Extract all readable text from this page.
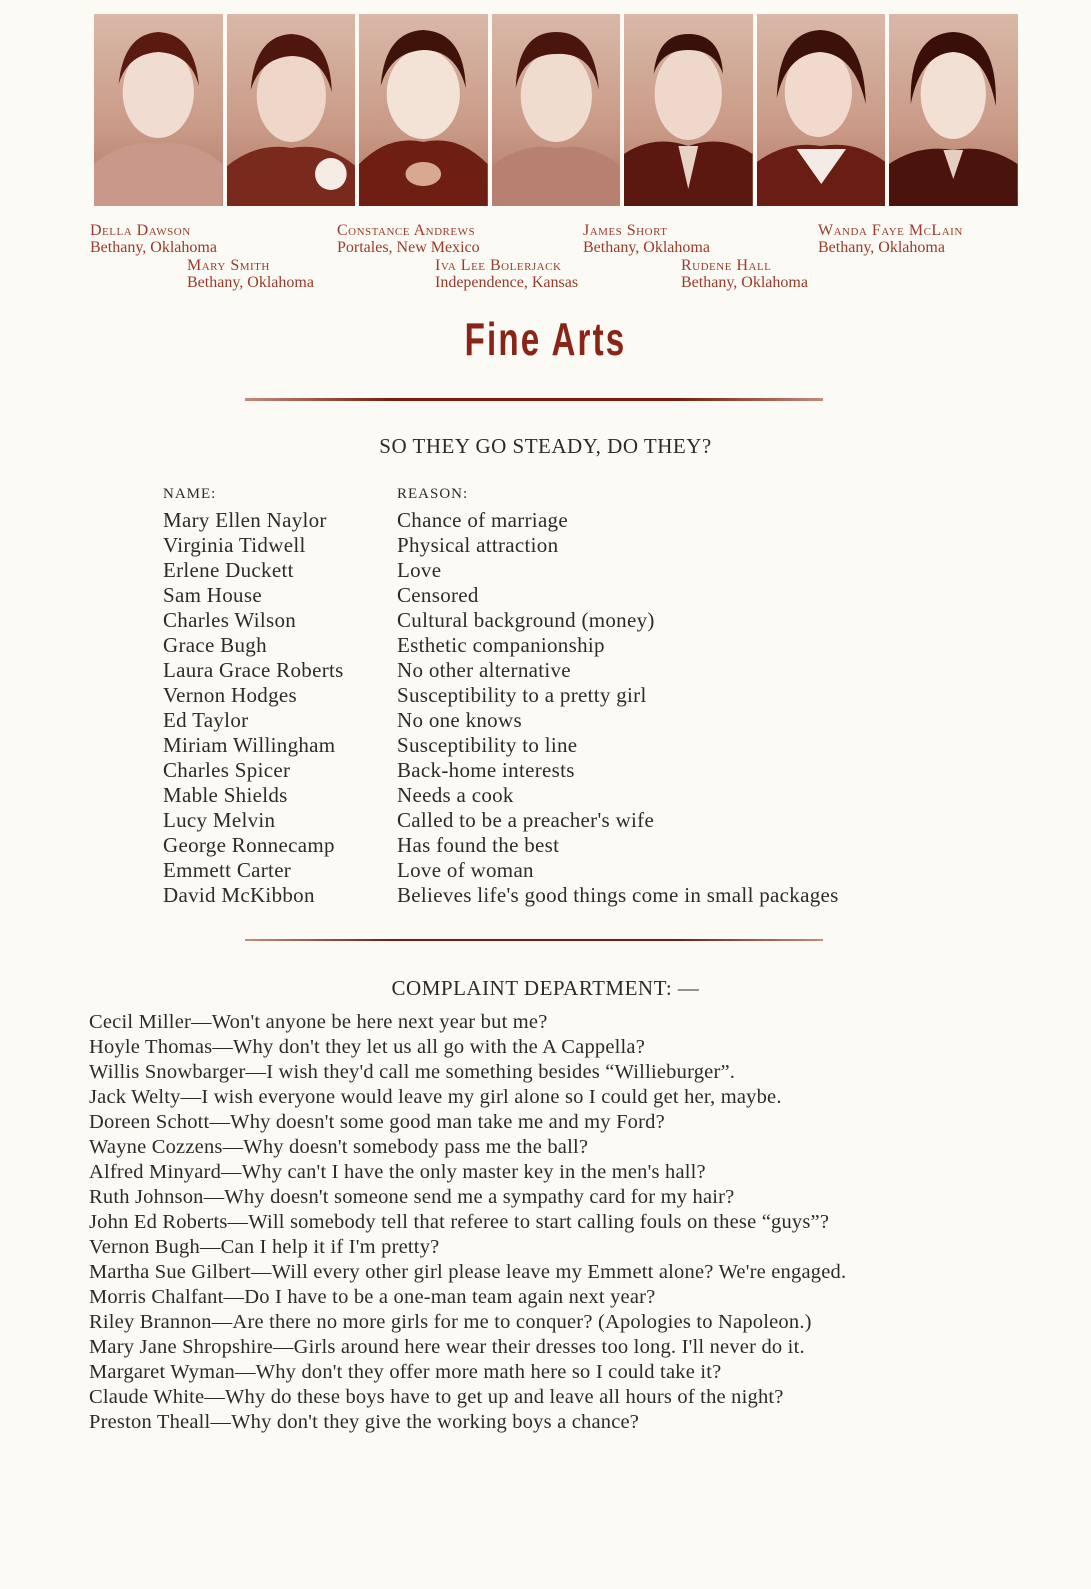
Della Dawson
Bethany, Oklahoma
Mary Smith
Bethany, Oklahoma
Constance Andrews
Portales, New Mexico
Iva Lee Bolerjack
Independence, Kansas
James Short
Bethany, Oklahoma
Rudene Hall
Bethany, Oklahoma
Wanda Faye McLain
Bethany, Oklahoma
Fine Arts
SO THEY GO STEADY, DO THEY?
NAME:	REASON:
Mary Ellen Naylor
Virginia Tidwell
Erlene Duckett
Sam House
Charles Wilson
Grace Bugh
Laura Grace Roberts
Vernon Hodges
Ed Taylor
Miriam Willingham
Charles Spicer
Mable Shields
Lucy Melvin
George Ronnecamp
Emmett Carter
David McKibbon
Chance of marriage
Physical attraction
Love
Censored
Cultural background (money)
Esthetic companionship
No other alternative
Susceptibility to a pretty girl
No one knows
Susceptibility to line
Back-home interests
Needs a cook
Called to be a preacher's wife
Has found the best
Love of woman
Believes life's good things come in small packages
COMPLAINT DEPARTMENT: —
Cecil Miller—Won't anyone be here next year but me?
Hoyle Thomas—Why don't they let us all go with the A Cappella?
Willis Snowbarger—I wish they'd call me something besides “Willieburger”.
Jack Welty—I wish everyone would leave my girl alone so I could get her, maybe.
Doreen Schott—Why doesn't some good man take me and my Ford?
Wayne Cozzens—Why doesn't somebody pass me the ball?
Alfred Minyard—Why can't I have the only master key in the men's hall?
Ruth Johnson—Why doesn't someone send me a sympathy card for my hair?
John Ed Roberts—Will somebody tell that referee to start calling fouls on these “guys”?
Vernon Bugh—Can I help it if I'm pretty?
Martha Sue Gilbert—Will every other girl please leave my Emmett alone? We're engaged.
Morris Chalfant—Do I have to be a one-man team again next year?
Riley Brannon—Are there no more girls for me to conquer? (Apologies to Napoleon.)
Mary Jane Shropshire—Girls around here wear their dresses too long. I'll never do it.
Margaret Wyman—Why don't they offer more math here so I could take it?
Claude White—Why do these boys have to get up and leave all hours of the night?
Preston Theall—Why don't they give the working boys a chance?
